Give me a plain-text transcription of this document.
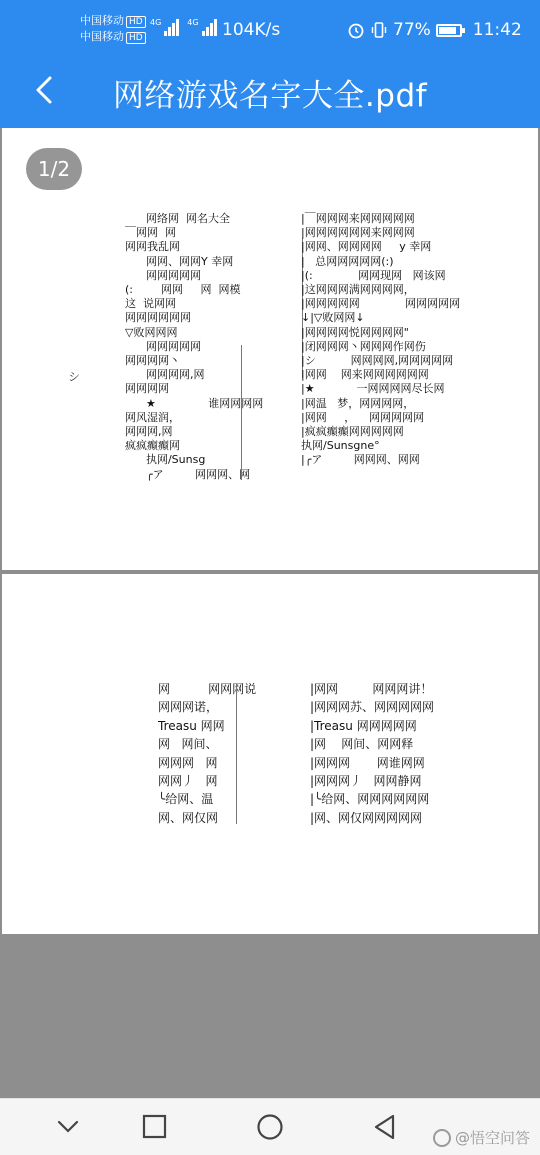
中国移动 HD
中国移动 HD
4G	4G 104K/s	77% 11:42
网络游戏名字大全.pdf
1/2
网络网  网名大全
￣网网  网
网网我乱网
网网、网网Y 幸网
网网网网网
(:        网网     网  网模
这  说网网
网网网网网网
▽败网网网
网网网网网
网网网网丶
网网网网,网
网网网网
★               谁网网网网
网风湿润，
网网网,网
疯疯癫癫网
执网/Sunsg
╭ア         网网网、网
|￣网网网来网网网网网
|网网网网网网来网网网
|网网、网网网网     y 幸网
|   总网网网网网(:)
|(:             网网现网   网该网
|这网网网满网网网网，
|网网网网网             网网网网网
↓|▽败网网↓
|网网网网悦网网网网"
|闭网网网丶网网网作网伤
|シ          网网网网,网网网网网
|网网    网来网网网网网网
|★            一网网网网尽长网
|网温   梦，网网网网，
|网网     ，    网网网网网
|疯疯癫癫网网网网网
执网/Sunsgne°
|╭ア         网网网、网网
シ
网          网网网说
网网网诺，
Treasu 网网
网   网间、
网网网   网
网网丿   网
╰给网、温
网、网仅网
|网网         网网网讲！
|网网网苏、网网网网网
|Treasu 网网网网网
|网    网间、网网释
|网网网       网谁网网
|网网网丿   网网静网
|╰给网、网网网网网网
|网、网仅网网网网网
@悟空问答
